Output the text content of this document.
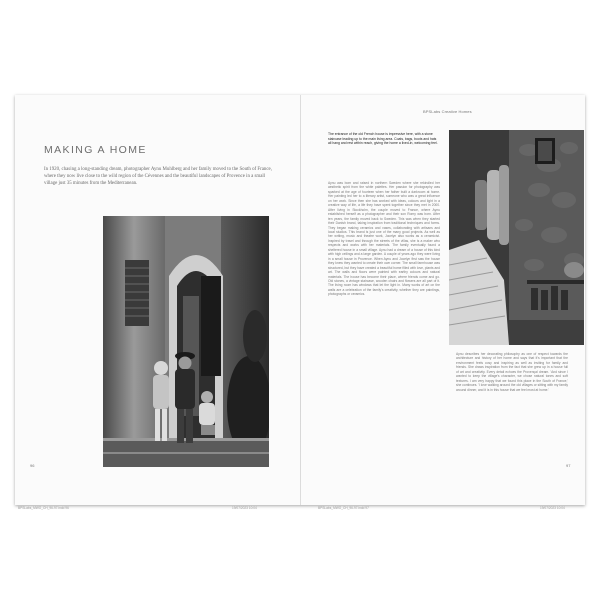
MAKING A HOME

In 1920, chasing a long-standing dream, photographer Aynu Muhlberg and her family moved to the South of France, where they now live close to the wild region of the Cévennes and the beautiful landscapes of Provence in a small village just 35 minutes from the Mediterranean.

96
BPSLabs Creative Homes

The entrance of the old French house is impressive here, with a stone staircase leading up to the main living area. Coats, bags, boots and hats all hang and rest within reach, giving the home a lived-in, welcoming feel.

Aynu was born and raised in northern Sweden where she rekindled her aesthetic spirit from the white palettes. Her passion for photography was sparked at the age of fourteen when her father built a darkroom at home. Her painting led her to a literary artist, someone who was a great influence on her work. Since then she has worked with ideas, colours and light in a creative way of life, a life they have spent together since they met in 2000. After living in Stockholm, the couple moved to France, where Aynu established herself as a photographer and their son Romy was born. After ten years, the family moved back to Sweden. This was when they started their Danish brand, taking inspiration from traditional techniques and forms. They began making ceramics and vases, collaborating with artisans and local studios. This brand is just one of the many good projects. As well as her writing, music and theatre work, Jocelyn also works as a ceramicist. Inspired by travel and through the streets of the villas, she is a maker who respects and works with her materials. The family eventually found a sheltered house in a small village. Aynu had a dream of a house of this kind with high ceilings and a large garden. A couple of years ago they were living in a small house in Provence. When Aynu and Jocelyn first saw the house they knew they wanted to create their own corner. The small farmhouse was structured, but they have created a beautiful home filled with love, plants and art. The walls and floors were painted with earthy colours and natural materials. The house has become their place, where friends come and go. Old stones, a vintage staircase, wooden chairs and flowers are all part of it. The living room has windows that let the light in. Many works of art on the walls are a celebration of the family's creativity, whether they are paintings, photographs or ceramics.

Aynu describes her decorating philosophy as one of respect towards the architecture and history of her home and says that it's important that the environment feels cosy and inspiring as well as inviting for family and friends. She draws inspiration from the fact that she grew up in a house full of art and creativity. Every detail echoes the Provençal dream. 'And since I wanted to keep the village's character, we chose natural tones and soft textures. I am very happy that we found this place in the South of France,' she continues. 'I love walking around the old villages or sitting with my family around dinner, and it is in this house that we feel most at home.'

97
BPSLabs_MWO_CH_96-97.indd 96	19/07/2023 10:04	BPSLabs_MWO_CH_96-97.indd 97	19/07/2023 10:04
